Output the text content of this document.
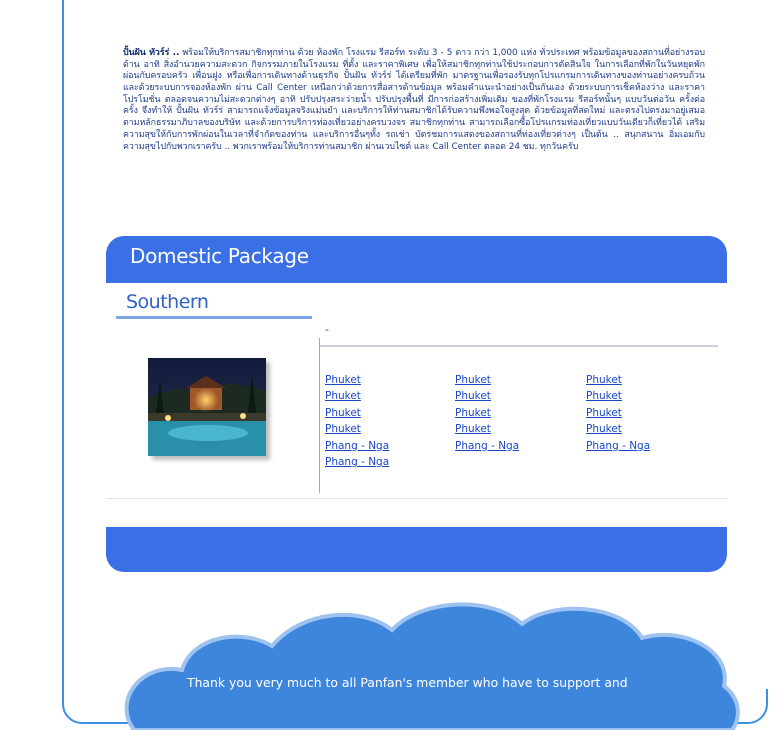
ปั้นฝัน ทัวร์ร่ .. พร้อมให้บริการสมาชิกทุกท่าน ด้วย ห้องพัก โรงแรม รีสอร์ท ระดับ 3 - 5 ดาว กว่า 1,000 แห่ง ทั่วประเทศ พร้อมข้อมูลของสถานที่อย่างรอบด้าน อาทิ สิ่งอำนวยความสะดวก กิจกรรมภายในโรงแรม ที่ตั้ง และราคาพิเศษ เพื่อให้สมาชิกทุกท่านใช้ประกอบการตัดสินใจ ในการเลือกที่พักในวันหยุดพักผ่อนกับครอบครัว เพื่อนฝูง หรือเพื่อการเดินทางด้านธุรกิจ ปั้นฝัน ทัวร์ร่ ได้เตรียมที่พัก มาตรฐานเพื่อรองรับทุกโปรแกรมการเดินทางของท่านอย่างครบถ้วน และด้วยระบบการจองห้องพัก ผ่าน Call Center เหนือกว่าด้วยการสื่อสารด้านข้อมูล พร้อมคำแนะนำอย่างเป็นกันเอง ด้วยระบบการเช็คห้องว่าง และราคาโปรโมชั่น ตลอดจนความไม่สะดวกต่างๆ อาทิ ปรับปรุงสระว่ายน้ำ ปรับปรุงพื้นที่ มีการก่อสร้างเพิ่มเติม ของที่พักโรงแรม รีสอร์ทนั้นๆ แบบวันต่อวัน ครั้งต่อครั้ง จึงทำให้ ปั้นฝัน ทัวร์ร่ สามารถแจ้งข้อมูลจริงแม่นยำ และบริการให้ท่านสมาชิกได้รับความพึงพอใจสูงสุด ด้วยข้อมูลที่สดใหม่ และตรงไปตรงมาอยู่เสมอ ตามหลักธรรมาภิบาลของบริษัท และด้วยการบริการท่องเที่ยวอย่างครบวงจร สมาชิกทุกท่าน สามารถเลือกซื้อโปรแกรมท่องเที่ยวแบบวันเดียวก็เที่ยวได้ เสริมความสุขให้กับการพักผ่อนในเวลาที่จำกัดของท่าน และบริการอื่นๆทั้ง รถเช่า บัตรชมการแสดงของสถานที่ท่องเที่ยวต่างๆ เป็นต้น .. สนุกสนาน อิ่มเอมกับความสุขไปกับพวกเราครับ .. พวกเราพร้อมให้บริการท่านสมาชิก ผ่านเวบไซต์ และ Call Center ตลอด 24 ชม. ทุกวันครับ

Domestic Package
Southern
-
Phuket
Phuket
Phuket
Phuket
Phang - Nga
Phang - Nga
Phuket
Phuket
Phuket
Phuket
Phang - Nga
Phuket
Phuket
Phuket
Phuket
Phang - Nga
Thank you very much to all Panfan's member who have to support and
